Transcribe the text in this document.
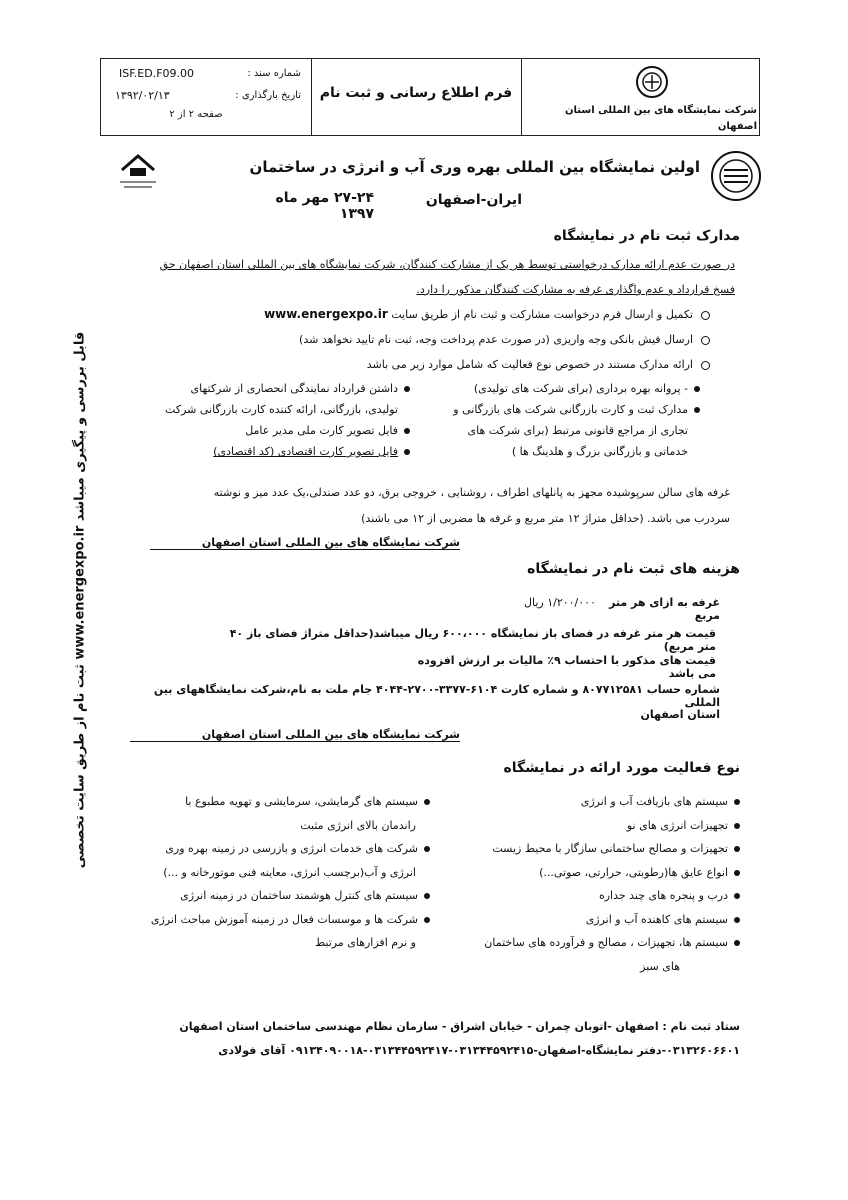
ISF.ED.F09.00	شماره سند :
۱۳۹۲/۰۲/۱۳	تاریخ بارگذاری :
صفحه ۲ از ۲
فرم اطلاع رسانی و ثبت نام
شرکت نمایشگاه های بین المللی استان
اصفهان
اولین نمایشگاه بین المللی بهره وری آب و انرژی در ساختمان
ایران-اصفهان
۲۷-۲۴ مهر ماه ۱۳۹۷
مدارک ثبت نام در نمایشگاه
در صورت عدم ارائه مدارک درخواستی توسط هر یک از مشارکت کنندگان، شرکت نمایشگاه های بین المللی استان اصفهان حق
فسخ قرارداد و عدم واگذاری غرفه به مشارکت کنندگان مذکور را دارد.
تکمیل و ارسال فرم درخواست مشارکت و ثبت نام از طریق سایت www.energexpo.ir
ارسال فیش بانکی وجه واریزی (در صورت عدم پرداخت وجه، ثبت نام تایید نخواهد شد)
ارائه مدارک مستند در خصوص نوع فعالیت که شامل موارد زیر می باشد
- پروانه بهره برداری (برای شرکت های تولیدی)
مدارک ثبت و کارت بازرگانی شرکت های بازرگانی و
تجاری از مراجع قانونی مرتبط (برای شرکت های
خدماتی و بازرگانی بزرگ و هلدینگ ها )
داشتن قرارداد نمایندگی انحصاری از شرکتهای
تولیدی، بازرگانی، ارائه کننده کارت بازرگانی شرکت
فایل تصویر کارت ملی مدیر عامل
فایل تصویر کارت اقتصادی (کد اقتصادی)
غرفه های سالن سرپوشیده مجهز به پانلهای اطراف ، روشنایی ، خروجی برق، دو عدد صندلی،یک عدد میز و نوشته
سردرب می باشد. (حداقل متراژ ۱۲ متر مربع و غرفه ها مضربی از ۱۲ می باشند)
شرکت نمایشگاه های بین المللی استان اصفهان
هزینه های ثبت نام در نمایشگاه
غرفه به ازای هر متر مربع
۱/۲۰۰/۰۰۰ ریال
قیمت هر متر غرفه در فضای باز نمایشگاه ۶۰۰،۰۰۰ ریال میباشد(حداقل متراژ فضای باز ۴۰ متر مربع)
قیمت های مذکور با احتساب ۹٪ مالیات بر ارزش افزوده می باشد
شماره حساب ۸۰۷۷۱۲۵۸۱ و شماره کارت ۶۱۰۴-۳۳۷۷-۲۷۰۰-۴۰۴۴ جام ملت به نام،شرکت نمایشگاههای بین المللی
استان اصفهان
شرکت نمایشگاه های بین المللی استان اصفهان
نوع فعالیت مورد ارائه در نمایشگاه
سیستم های بازیافت آب و انرژی
تجهیزات انرژی های نو
تجهیزات و مصالح ساختمانی سازگار با محیط زیست
انواع عایق ها(رطوبتی، حرارتی، صوتی...)
درب و پنجره های چند جداره
سیستم های کاهنده آب و انرژی
سیستم ها، تجهیزات ، مصالح و فرآورده های ساختمان
های سبز
سیستم های گرمایشی، سرمایشی و تهویه مطبوع با
راندمان بالای انرژی مثبت
شرکت های خدمات انرژی و بازرسی در زمینه بهره وری
انرژی و آب(برچسب انرژی، معاینه فنی موتورخانه و ...)
سیستم های کنترل هوشمند ساختمان در زمینه انرژی
شرکت ها و موسسات فعال در زمینه آموزش مباحث انرژی
و نرم افزارهای مرتبط
ستاد ثبت نام : اصفهان -اتوبان چمران - خیابان اشراق - سازمان نظام مهندسی ساختمان استان اصفهان
۰۳۱۳۲۶۰۶۶۰۱-دفتر نمایشگاه-اصفهان-۰۳۱۳۴۴۵۹۲۴۱۵-۰۳۱۳۴۴۵۹۲۴۱۷-۰۹۱۳۴۰۹۰۰۱۸ آقای فولادی
قابل بررسی و پیگیری میباشد www.energexpo.ir ثبت نام از طریق سایت تخصصی
